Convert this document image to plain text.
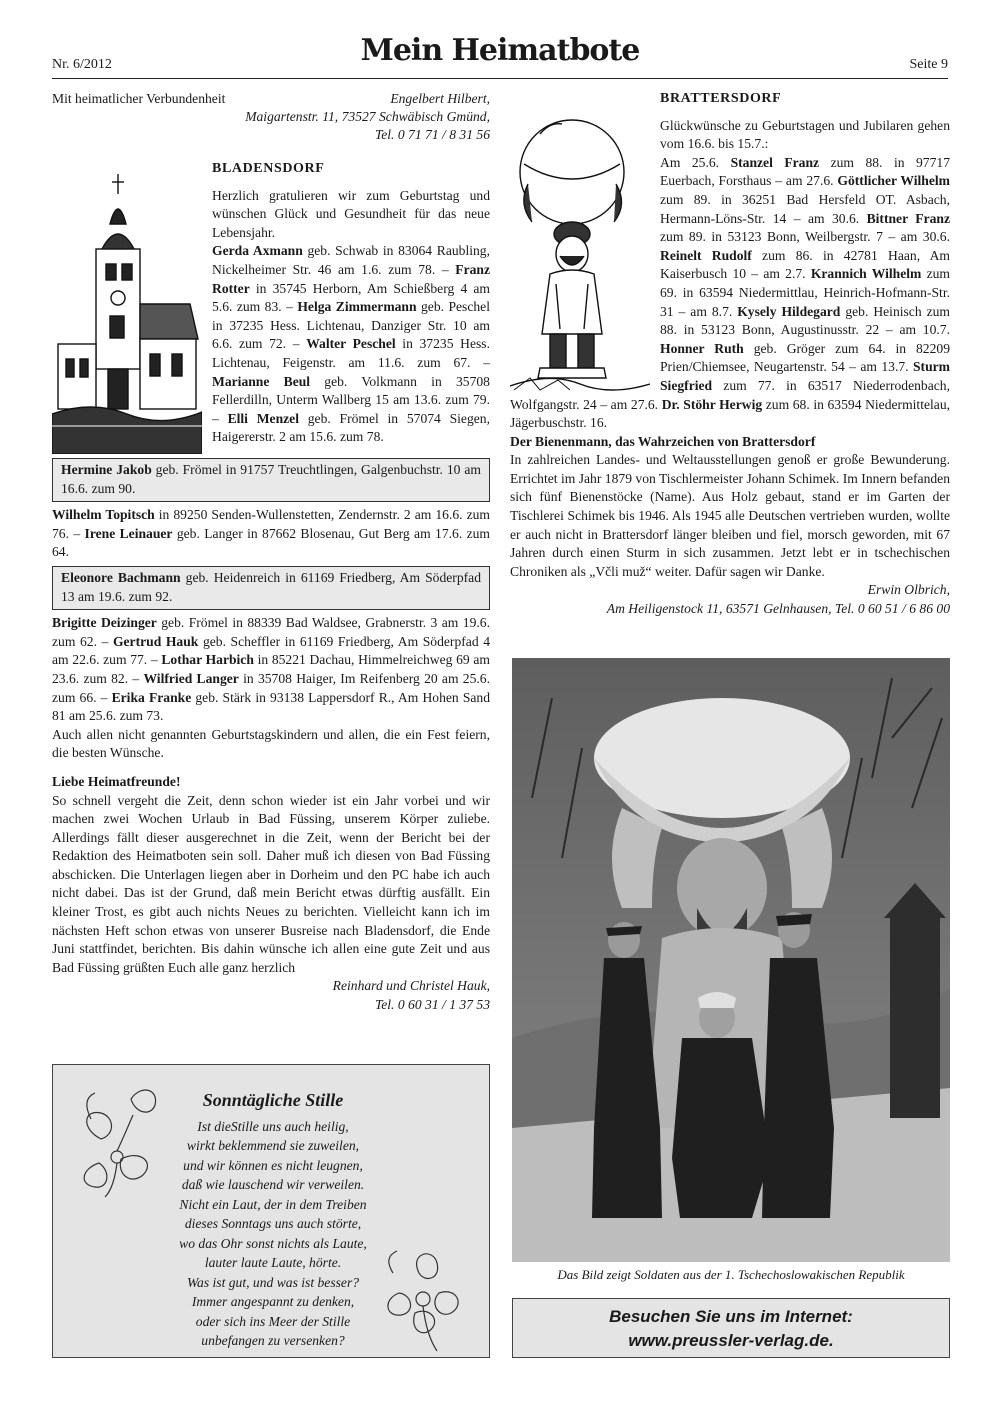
Nr. 6/2012	Mein Heimatbote	Seite 9
Mit heimatlicher Verbundenheit	Engelbert Hilbert,
Maigartenstr. 11, 73527 Schwäbisch Gmünd,
Tel. 0 71 71 / 8 31 56
BLADENSDORF

Herzlich gratulieren wir zum Geburtstag und wünschen Glück und Gesundheit für das neue Lebensjahr.

Gerda Axmann geb. Schwab in 83064 Raubling, Nickelheimer Str. 46 am 1.6. zum 78. – Franz Rotter in 35745 Herborn, Am Schießberg 4 am 5.6. zum 83. – Helga Zimmermann geb. Peschel in 37235 Hess. Lichtenau, Danziger Str. 10 am 6.6. zum 72. – Walter Peschel in 37235 Hess. Lichtenau, Feigenstr. am 11.6. zum 67. – Marianne Beul geb. Volkmann in 35708 Fellerdilln, Unterm Wallberg 15 am 13.6. zum 79. – Elli Menzel geb. Frömel in 57074 Siegen, Haigererstr. 2 am 15.6. zum 78.

Hermine Jakob geb. Frömel in 91757 Treuchtlingen, Galgenbuchstr. 10 am 16.6. zum 90.

Wilhelm Topitsch in 89250 Senden-Wullenstetten, Zendernstr. 2 am 16.6. zum 76. – Irene Leinauer geb. Langer in 87662 Blosenau, Gut Berg am 17.6. zum 64.

Eleonore Bachmann geb. Heidenreich in 61169 Friedberg, Am Söderpfad 13 am 19.6. zum 92.

Brigitte Deizinger geb. Frömel in 88339 Bad Waldsee, Grabnerstr. 3 am 19.6. zum 62. – Gertrud Hauk geb. Scheffler in 61169 Friedberg, Am Söderpfad 4 am 22.6. zum 77. – Lothar Harbich in 85221 Dachau, Himmelreichweg 69 am 23.6. zum 82. – Wilfried Langer in 35708 Haiger, Im Reifenberg 20 am 25.6. zum 66. – Erika Franke geb. Stärk in 93138 Lappersdorf R., Am Hohen Sand 81 am 25.6. zum 73.

Auch allen nicht genannten Geburtstagskindern und allen, die ein Fest feiern, die besten Wünsche.

Liebe Heimatfreunde!

So schnell vergeht die Zeit, denn schon wieder ist ein Jahr vorbei und wir machen zwei Wochen Urlaub in Bad Füssing, unserem Körper zuliebe. Allerdings fällt dieser ausgerechnet in die Zeit, wenn der Bericht bei der Redaktion des Heimatboten sein soll. Daher muß ich diesen von Bad Füssing abschicken. Die Unterlagen liegen aber in Dorheim und den PC habe ich auch nicht dabei. Das ist der Grund, daß mein Bericht etwas dürftig ausfällt. Ein kleiner Trost, es gibt auch nichts Neues zu berichten. Vielleicht kann ich im nächsten Heft schon etwas von unserer Busreise nach Bladensdorf, die Ende Juni stattfindet, berichten. Bis dahin wünsche ich allen eine gute Zeit und aus Bad Füssing grüßten Euch alle ganz herzlich

Reinhard und Christel Hauk,
Tel. 0 60 31 / 1 37 53
Sonntägliche Stille
Ist dieStille uns auch heilig,
wirkt beklemmend sie zuweilen,
und wir können es nicht leugnen,
daß wie lauschend wir verweilen.
Nicht ein Laut, der in dem Treiben
dieses Sonntags uns auch störte,
wo das Ohr sonst nichts als Laute,
lauter laute Laute, hörte.
Was ist gut, und was ist besser?
Immer angespannt zu denken,
oder sich ins Meer der Stille
unbefangen zu versenken?
BRATTERSDORF

Glückwünsche zu Geburtstagen und Jubilaren gehen vom 16.6. bis 15.7.:

Am 25.6. Stanzel Franz zum 88. in 97717 Euerbach, Forsthaus – am 27.6. Göttlicher Wilhelm zum 89. in 36251 Bad Hersfeld OT. Asbach, Hermann-Löns-Str. 14 – am 30.6. Bittner Franz zum 89. in 53123 Bonn, Weilbergstr. 7 – am 30.6. Reinelt Rudolf zum 86. in 42781 Haan, Am Kaiserbusch 10 – am 2.7. Krannich Wilhelm zum 69. in 63594 Niedermittlau, Heinrich-Hofmann-Str. 31 – am 8.7. Kysely Hildegard geb. Heinisch zum 88. in 53123 Bonn, Augustinusstr. 22 – am 10.7. Honner Ruth geb. Gröger zum 64. in 82209 Prien/Chiemsee, Neugartenstr. 54 – am 13.7. Sturm Siegfried zum 77. in 63517 Niederrodenbach, Wolfgangstr. 24 – am 27.6. Dr. Stöhr Herwig zum 68. in 63594 Niedermittelau, Jägerbuschstr. 16.

Der Bienenmann, das Wahrzeichen von Brattersdorf

In zahlreichen Landes- und Weltausstellungen genoß er große Bewunderung. Errichtet im Jahr 1879 von Tischlermeister Johann Schimek. Im Innern befanden sich fünf Bienenstöcke (Name). Aus Holz gebaut, stand er im Garten der Tischlerei Schimek bis 1946. Als 1945 alle Deutschen vertrieben wurden, wollte er auch nicht in Brattersdorf länger bleiben und fiel, morsch geworden, mit 67 Jahren durch einen Sturm in sich zusammen. Jetzt lebt er in tschechischen Chroniken als „Včli muž“ weiter. Dafür sagen wir Danke.

Erwin Olbrich,
Am Heiligenstock 11, 63571 Gelnhausen, Tel. 0 60 51 / 6 86 00
Das Bild zeigt Soldaten aus der 1. Tschechoslowakischen Republik
Besuchen Sie uns im Internet:
www.preussler-verlag.de.
